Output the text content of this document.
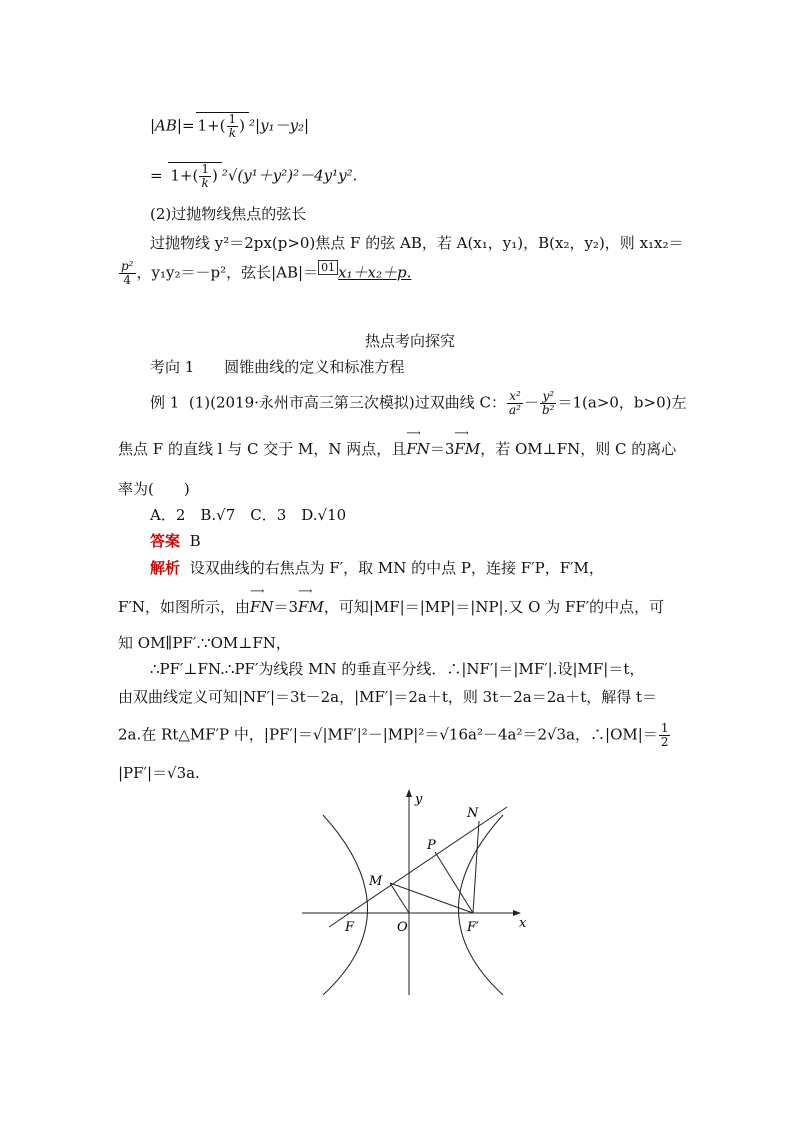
$|AB|= 1+( \frac{1}{k}$ ) ²|y₁－y₂|
= $1+( \frac{1}{k}$ ) ²√(y¹＋y²)²－4y¹y².
(2)过抛物线焦点的弦长
过抛物线 y²＝2px(p>0)焦点 F 的弦 AB，若 A(x₁，y₁)，B(x₂，y₂)，则 x₁x₂＝
$\frac{\text{p²}}{4}$ ，y₁y₂＝－p²，弦长|AB|＝ 01 x₁＋x₂＋p.
热点考向探究
考向 1　　圆锥曲线的定义和标准方程
例 1 (1)(2019·永州市高三第三次模拟)过双曲线 C： $\frac{\text{x²}}{\text{a²}} - \frac{\text{y²}}{\text{b²}} =1(a>0$，b>0)左
焦点 F 的直线 l 与 C 交于 M，N 两点，且⟶ FN＝3⟶ FM，若 OM⊥FN，则 C 的离心
率为(　　)
A．2　B.√7　C．3　D.√10
答案 B
解析 设双曲线的右焦点为 F′，取 MN 的中点 P，连接 F′P，F′M，
F′N，如图所示，由⟶ FN＝3⟶ FM，可知|MF|＝|MP|＝|NP|.又 O 为 FF′的中点，可
知 OM∥PF′.∵OM⊥FN，
∴PF′⊥FN.∴PF′为线段 MN 的垂直平分线．∴|NF′|＝|MF′|.设|MF|＝t，
由双曲线定义可知|NF′|＝3t－2a，|MF′|＝2a＋t，则 3t－2a＝2a＋t，解得 t＝
2a.在 Rt△MF′P 中，|PF′|＝√|MF′|²－|MP|²＝√16a²－4a²＝2√3a，∴|OM|＝ $\frac{1}{2}$
|PF′|＝√3a.
y
x
N
P
M
F	O	F′
